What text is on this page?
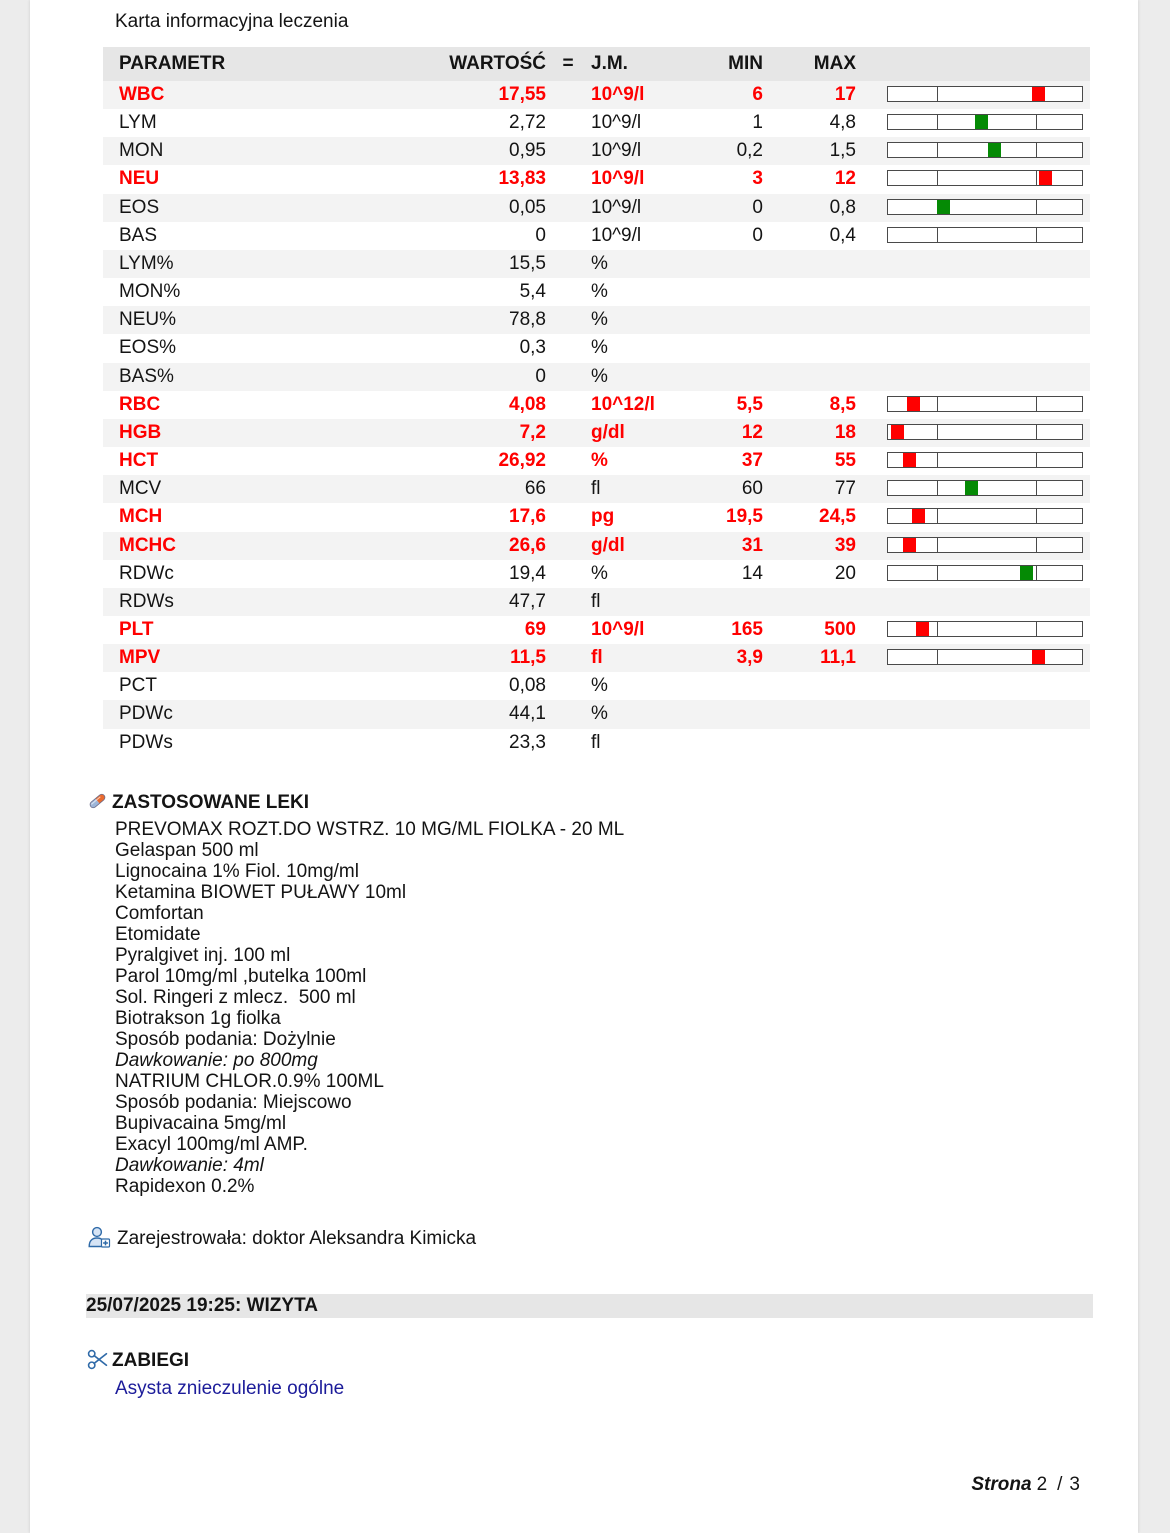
Karta informacyjna leczenia
PARAMETR	WARTOŚĆ = J.M.	MIN	MAX
WBC	17,55 10^9/l	6	17
LYM	2,72 10^9/l	1	4,8
MON	0,95 10^9/l	0,2	1,5
NEU	13,83 10^9/l	3	12
EOS	0,05 10^9/l	0	0,8
BAS	0 10^9/l	0	0,4
LYM%	15,5 %
MON%	5,4 %
NEU%	78,8 %
EOS%	0,3 %
BAS%	0 %
RBC	4,08 10^12/l	5,5	8,5
HGB	7,2 g/dl	12	18
HCT	26,92 %	37	55
MCV	66 fl	60	77
MCH	17,6 pg	19,5	24,5
MCHC	26,6 g/dl	31	39
RDWc	19,4 %	14	20
RDWs	47,7 fl
PLT	69 10^9/l	165	500
MPV	11,5 fl	3,9	11,1
PCT	0,08 %
PDWc	44,1 %
PDWs	23,3 fl
ZASTOSOWANE LEKI
PREVOMAX ROZT.DO WSTRZ. 10 MG/ML FIOLKA - 20 ML
Gelaspan 500 ml
Lignocaina 1% Fiol. 10mg/ml
Ketamina BIOWET PUŁAWY 10ml
Comfortan
Etomidate
Pyralgivet inj. 100 ml
Parol 10mg/ml ,butelka 100ml
Sol. Ringeri z mlecz.  500 ml
Biotrakson 1g fiolka
Sposób podania: Dożylnie
Dawkowanie: po 800mg
NATRIUM CHLOR.0.9% 100ML
Sposób podania: Miejscowo
Bupivacaina 5mg/ml
Exacyl 100mg/ml AMP.
Dawkowanie: 4ml
Rapidexon 0.2%
Zarejestrowała: doktor Aleksandra Kimicka
25/07/2025 19:25: WIZYTA
ZABIEGI
Asysta znieczulenie ogólne
Strona 2 / 3
